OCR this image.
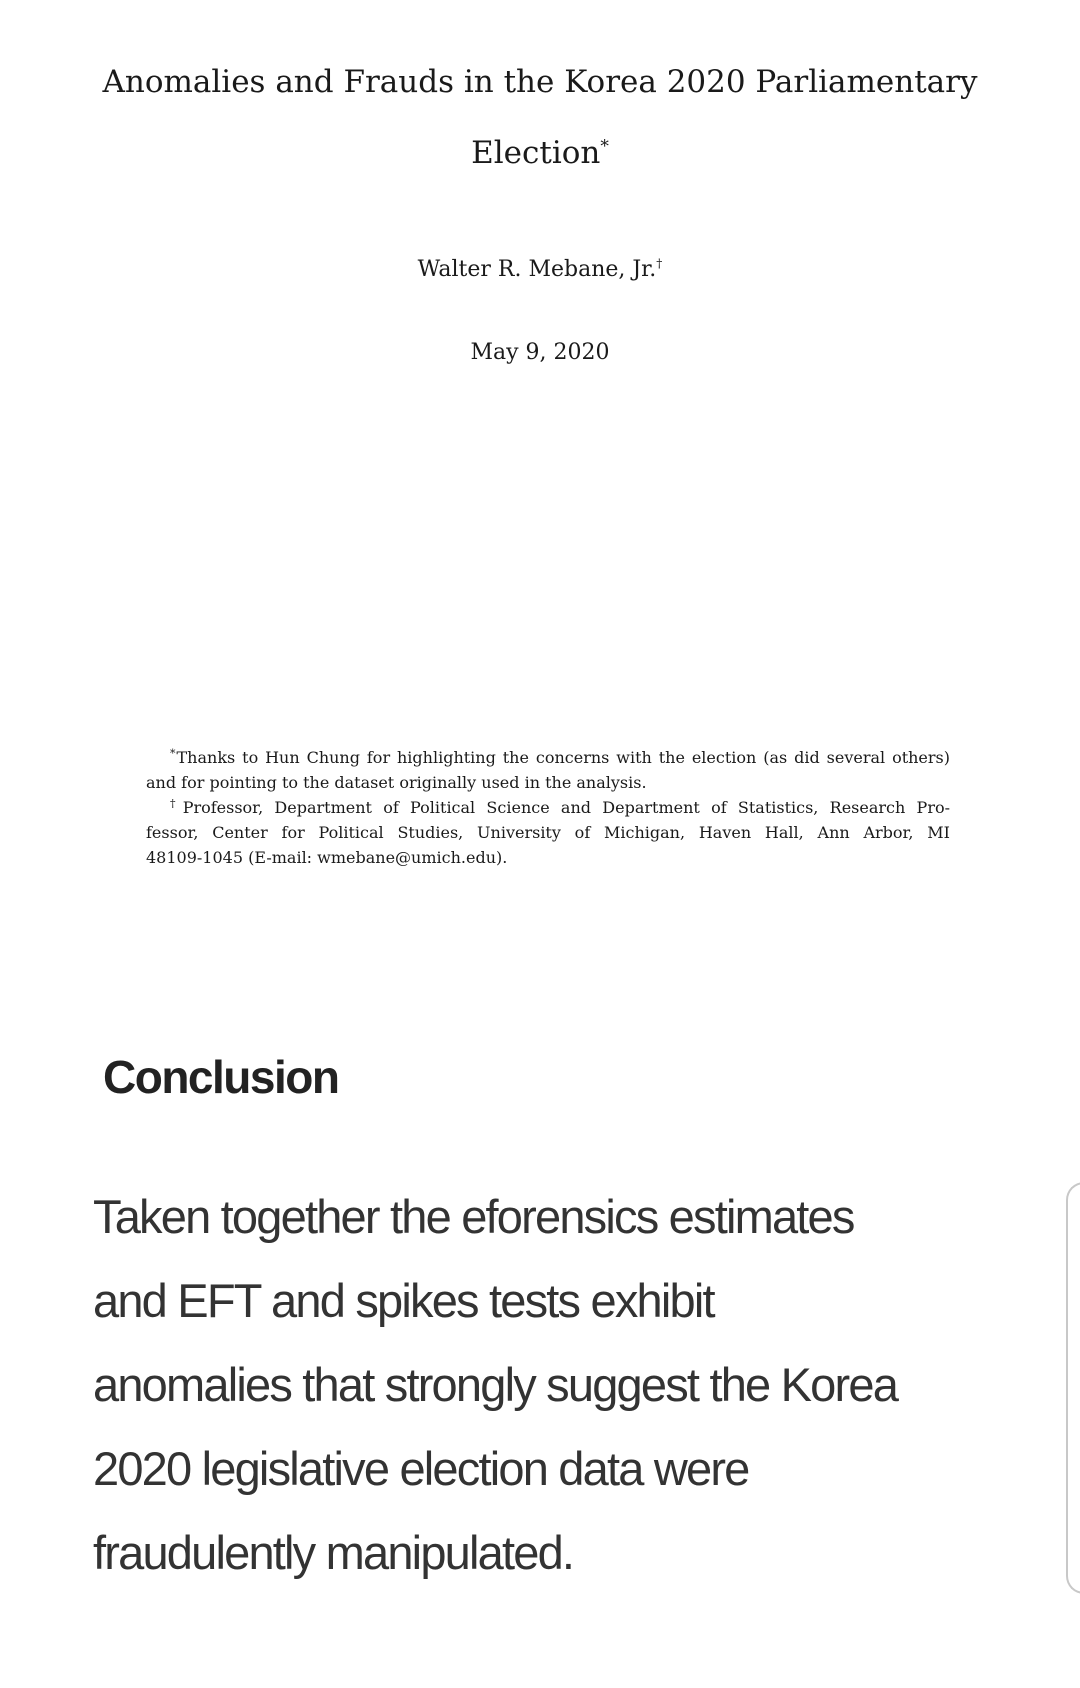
Anomalies and Frauds in the Korea 2020 Parliamentary
Election*
Walter R. Mebane, Jr.†
May 9, 2020
*Thanks to Hun Chung for highlighting the concerns with the election (as did several others)
and for pointing to the dataset originally used in the analysis.
†Professor, Department of Political Science and Department of Statistics, Research Pro-
fessor, Center for Political Studies, University of Michigan, Haven Hall, Ann Arbor, MI
48109-1045 (E-mail: wmebane@umich.edu).
Conclusion
Taken together the eforensics estimates
and EFT and spikes tests exhibit
anomalies that strongly suggest the Korea
2020 legislative election data were
fraudulently manipulated.
